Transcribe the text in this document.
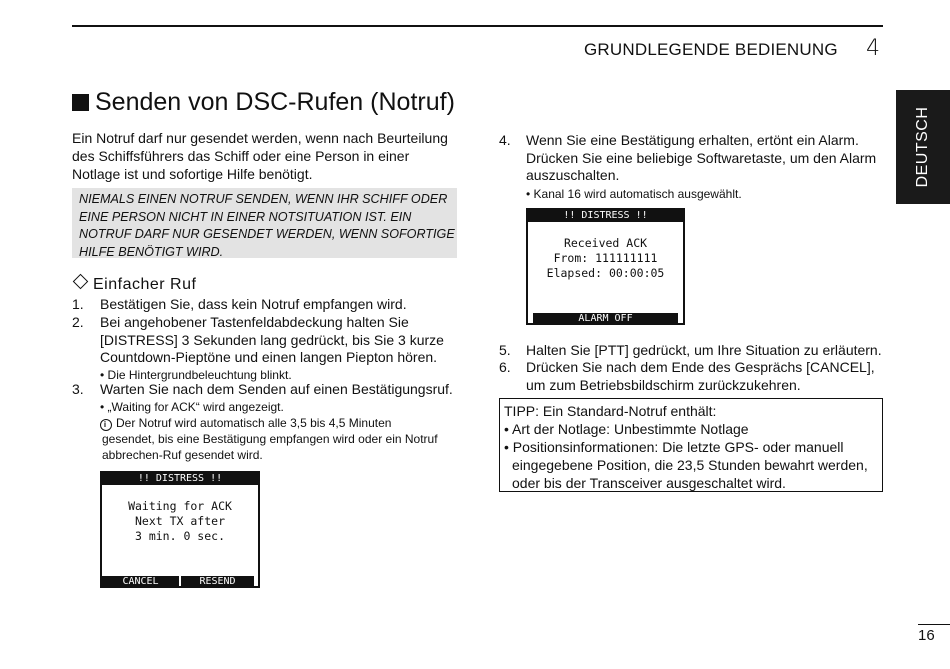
GRUNDLEGENDE BEDIENUNG 4
DEUTSCH
Senden von DSC-Rufen (Notruf)
Ein Notruf darf nur gesendet werden, wenn nach Beurteilung des Schiffsführers das Schiff oder eine Person in einer Notlage ist und sofortige Hilfe benötigt.
NIEMALS EINEN NOTRUF SENDEN, WENN IHR SCHIFF ODER EINE PERSON NICHT IN EINER NOTSITUATION IST. EIN NOTRUF DARF NUR GESENDET WERDEN, WENN SOFORTIGE HILFE BENÖTIGT WIRD.
Einfacher Ruf
1. Bestätigen Sie, dass kein Notruf empfangen wird.
2. Bei angehobener Tastenfeldabdeckung halten Sie [DISTRESS] 3 Sekunden lang gedrückt, bis Sie 3 kurze Countdown-Pieptöne und einen langen Piepton hören.
• Die Hintergrundbeleuchtung blinkt.
3. Warten Sie nach dem Senden auf einen Bestätigungsruf.
• „Waiting for ACK“ wird angezeigt.
i Der Notruf wird automatisch alle 3,5 bis 4,5 Minuten gesendet, bis eine Bestätigung empfangen wird oder ein Notruf abbrechen-Ruf gesendet wird.
!! DISTRESS !!
Waiting for ACK
Next TX after
3 min. 0 sec.
CANCEL	RESEND
4. Wenn Sie eine Bestätigung erhalten, ertönt ein Alarm. Drücken Sie eine beliebige Softwaretaste, um den Alarm auszuschalten.
• Kanal 16 wird automatisch ausgewählt.
!! DISTRESS !!
Received ACK
From: 111111111
Elapsed: 00:00:05
ALARM OFF
5. Halten Sie [PTT] gedrückt, um Ihre Situation zu erläutern.
6. Drücken Sie nach dem Ende des Gesprächs [CANCEL], um zum Betriebsbildschirm zurückzukehren.
TIPP: Ein Standard-Notruf enthält:
• Art der Notlage: Unbestimmte Notlage
• Positionsinformationen: Die letzte GPS- oder manuell eingegebene Position, die 23,5 Stunden bewahrt werden, oder bis der Transceiver ausgeschaltet wird.
16
